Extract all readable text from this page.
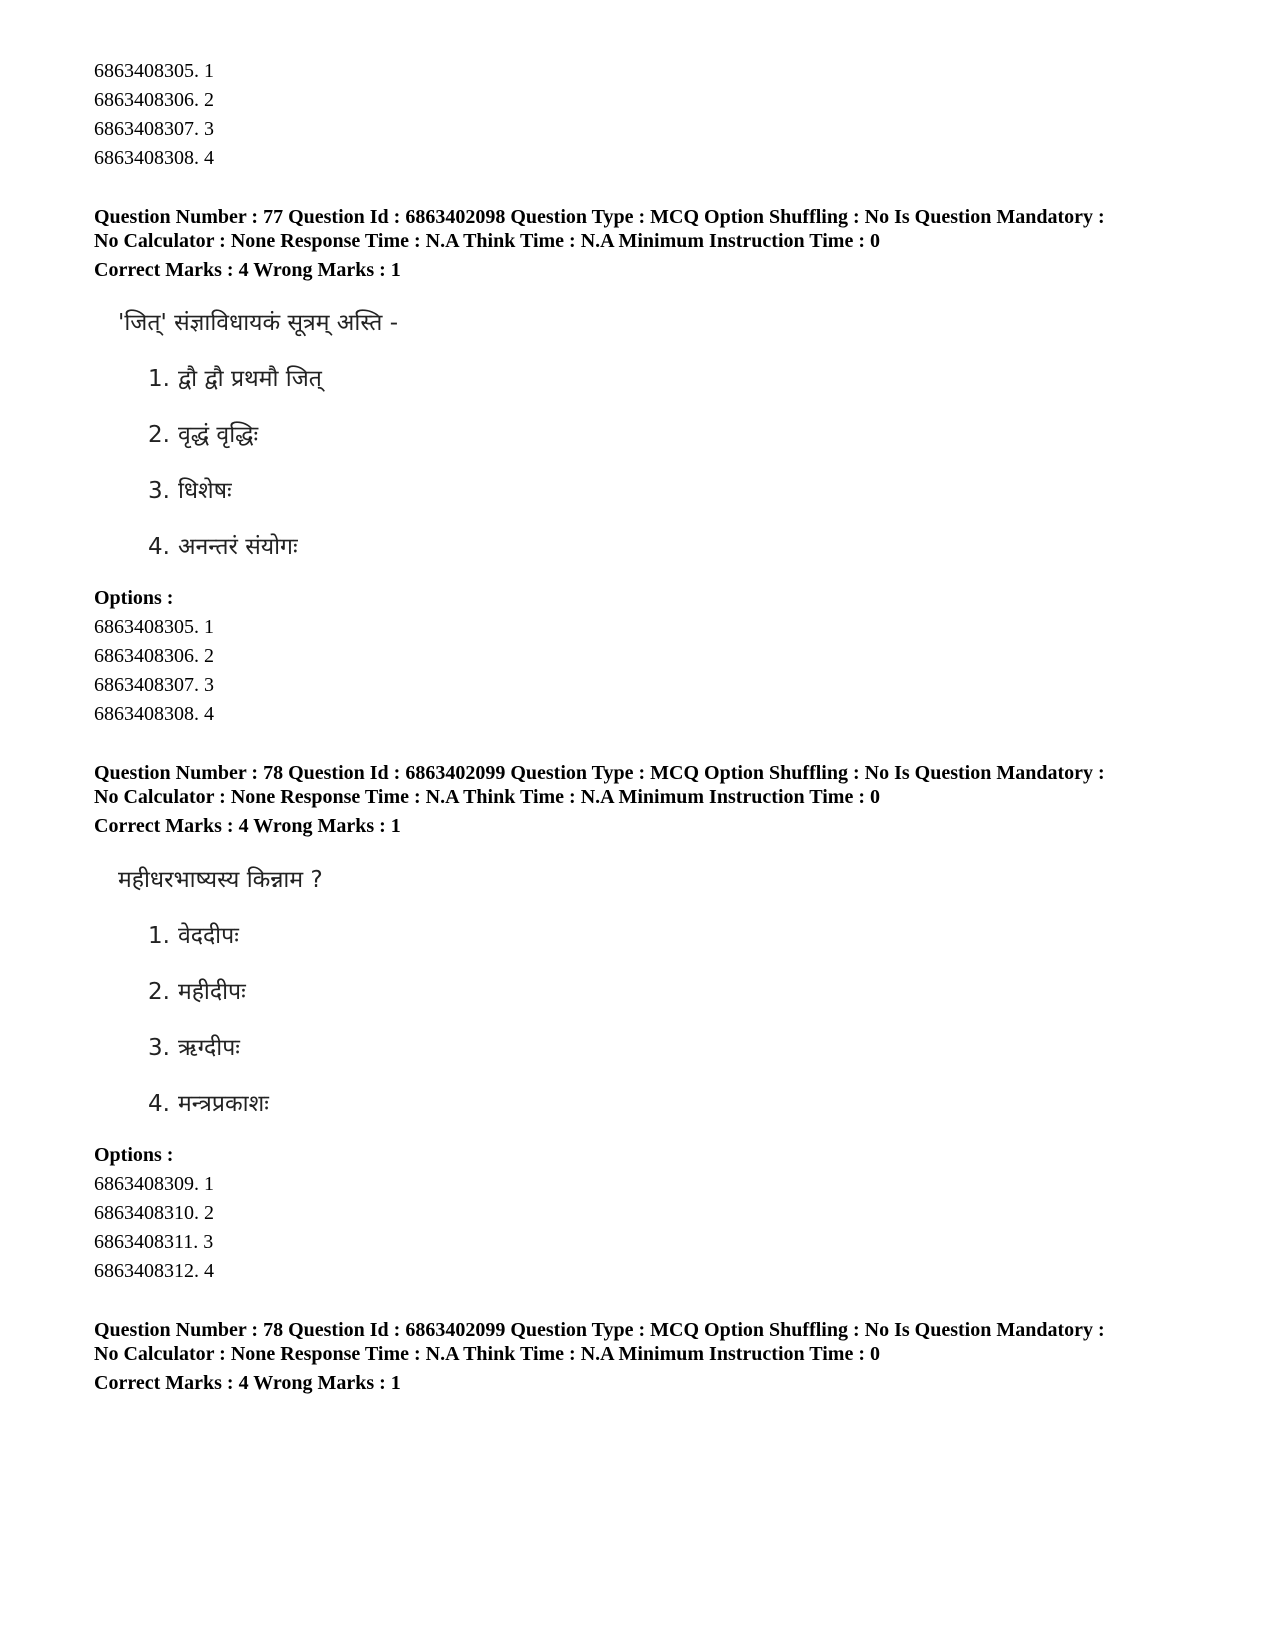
6863408305. 1
6863408306. 2
6863408307. 3
6863408308. 4
Question Number : 77 Question Id : 6863402098 Question Type : MCQ Option Shuffling : No Is Question Mandatory :
No Calculator : None Response Time : N.A Think Time : N.A Minimum Instruction Time : 0
Correct Marks : 4 Wrong Marks : 1
'जित्' संज्ञाविधायकं सूत्रम् अस्ति -
1. द्वौ द्वौ प्रथमौ जित्
2. वृद्धं वृद्धिः
3. धिशेषः
4. अनन्तरं संयोगः
Options :
6863408305. 1
6863408306. 2
6863408307. 3
6863408308. 4
Question Number : 78 Question Id : 6863402099 Question Type : MCQ Option Shuffling : No Is Question Mandatory :
No Calculator : None Response Time : N.A Think Time : N.A Minimum Instruction Time : 0
Correct Marks : 4 Wrong Marks : 1
महीधरभाष्यस्य किन्नाम ?
1. वेददीपः
2. महीदीपः
3. ऋग्दीपः
4. मन्त्रप्रकाशः
Options :
6863408309. 1
6863408310. 2
6863408311. 3
6863408312. 4
Question Number : 78 Question Id : 6863402099 Question Type : MCQ Option Shuffling : No Is Question Mandatory :
No Calculator : None Response Time : N.A Think Time : N.A Minimum Instruction Time : 0
Correct Marks : 4 Wrong Marks : 1
